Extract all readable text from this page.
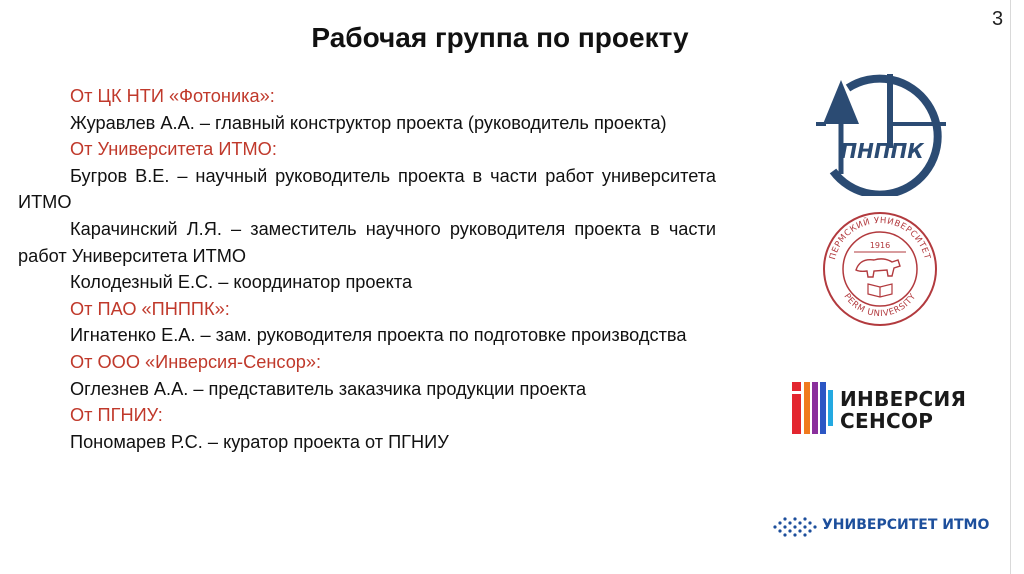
3
Рабочая группа по проекту
От ЦК НТИ «Фотоника»:
Журавлев А.А. – главный конструктор проекта (руководитель проекта)
От Университета ИТМО:
Бугров В.Е. – научный руководитель проекта в части работ университета ИТМО
Карачинский Л.Я. – заместитель научного руководителя проекта в части работ Университета ИТМО
Колодезный Е.С. – координатор проекта
От ПАО «ПНППК»:
Игнатенко Е.А. – зам. руководителя проекта по подготовке производства
От ООО «Инверсия-Сенсор»:
Оглезнев А.А. – представитель заказчика продукции проекта
От ПГНИУ:
Пономарев Р.С. – куратор проекта от ПГНИУ
ПНППК
ПЕРМСКИЙ УНИВЕРСИТЕТ
PERM UNIVERSITY
1916
ИНВЕРСИЯ
СЕНСОР
УНИВЕРСИТЕТ ИТМО
